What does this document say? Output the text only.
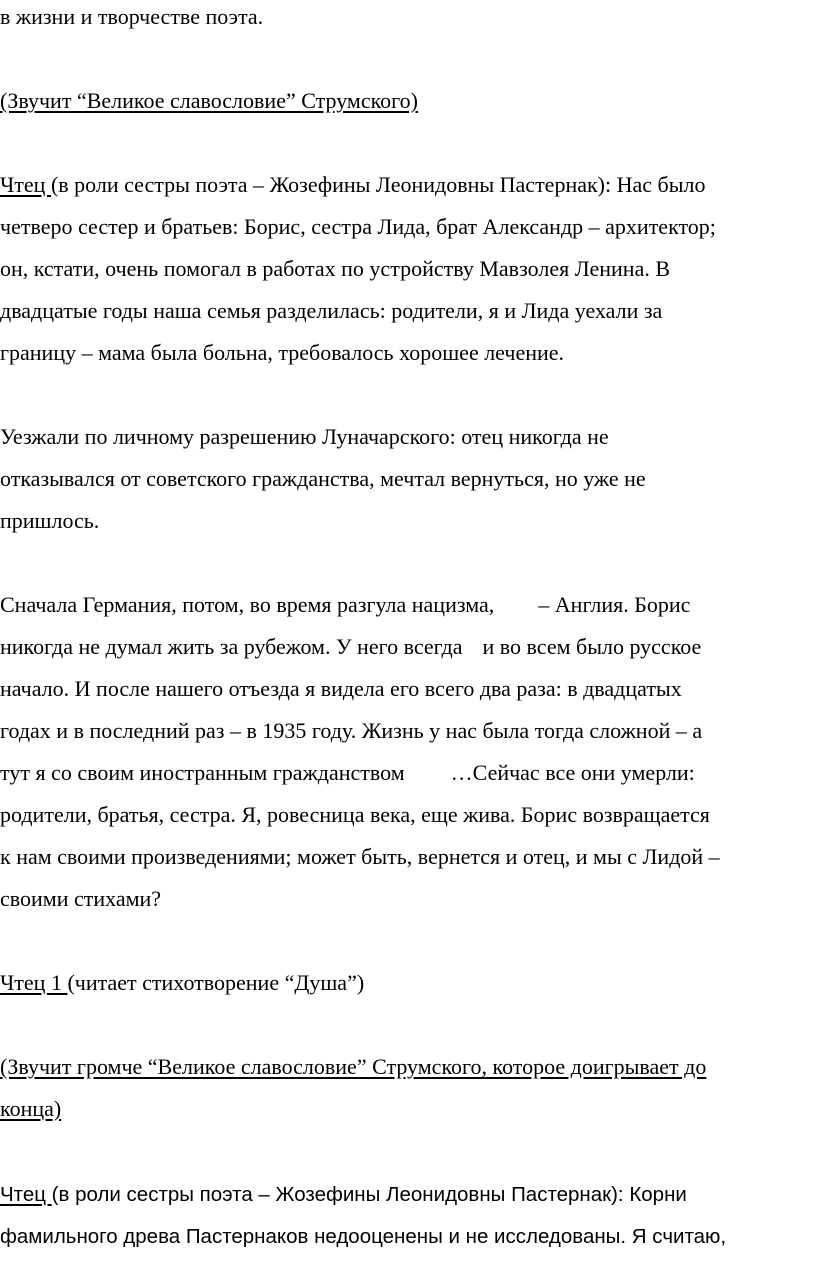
в жизни и творчестве поэта.
(Звучит “Великое славословие” Струмского)
Чтец (в роли сестры поэта – Жозефины Леонидовны Пастернак): Нас было
четверо сестер и братьев: Борис, сестра Лида, брат Александр – архитектор;
он, кстати, очень помогал в работах по устройству Мавзолея Ленина. В
двадцатые годы наша семья разделилась: родители, я и Лида уехали за
границу – мама была больна, требовалось хорошее лечение.
Уезжали по личному разрешению Луначарского: отец никогда не
отказывался от советского гражданства, мечтал вернуться, но уже не
пришлось.
Сначала Германия, потом, во время разгула нацизма, – Англия. Борис
никогда не думал жить за рубежом. У него всегда и во всем было русское
начало. И после нашего отъезда я видела его всего два раза: в двадцатых
годах и в последний раз – в 1935 году. Жизнь у нас была тогда сложной – а
тут я со своим иностранным гражданством …Сейчас все они умерли:
родители, братья, сестра. Я, ровесница века, еще жива. Борис возвращается
к нам своими произведениями; может быть, вернется и отец, и мы с Лидой –
своими стихами?
Чтец 1 (читает стихотворение “Душа”)
(Звучит громче “Великое славословие” Струмского, которое доигрывает до
конца)
Чтец (в роли сестры поэта – Жозефины Леонидовны Пастернак): Корни
фамильного древа Пастернаков недооценены и не исследованы. Я считаю,
